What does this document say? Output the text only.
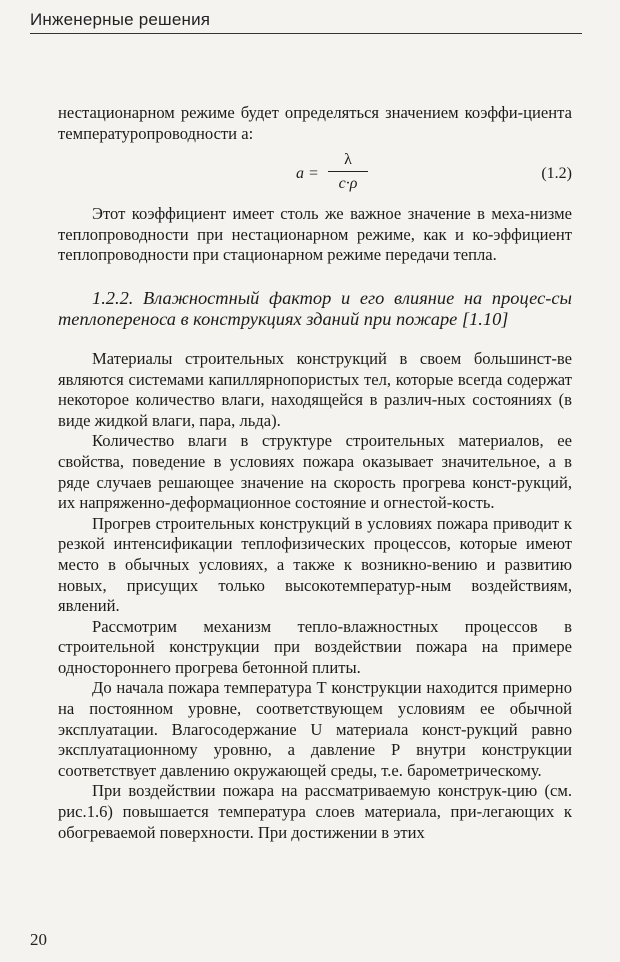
Инженерные решения

нестационарном режиме будет определяться значением коэффи-циента температуропроводности а:

a =
λ
c·ρ
(1.2)

Этот коэффициент имеет столь же важное значение в меха-низме теплопроводности при нестационарном режиме, как и ко-эффициент теплопроводности при стационарном режиме передачи тепла.

1.2.2. Влажностный фактор и его влияние на процес-сы теплопереноса в конструкциях зданий при пожаре [1.10]

Материалы строительных конструкций в своем большинст-ве являются системами капиллярнопористых тел, которые всегда содержат некоторое количество влаги, находящейся в различ-ных состояниях (в виде жидкой влаги, пара, льда).

Количество влаги в структуре строительных материалов, ее свойства, поведение в условиях пожара оказывает значительное, а в ряде случаев решающее значение на скорость прогрева конст-рукций, их напряженно-деформационное состояние и огнестой-кость.

Прогрев строительных конструкций в условиях пожара приводит к резкой интенсификации теплофизических процессов, которые имеют место в обычных условиях, а также к возникно-вению и развитию новых, присущих только высокотемператур-ным воздействиям, явлений.

Рассмотрим механизм тепло-влажностных процессов в строительной конструкции при воздействии пожара на примере одностороннего прогрева бетонной плиты.

До начала пожара температура Т конструкции находится примерно на постоянном уровне, соответствующем условиям ее обычной эксплуатации. Влагосодержание U материала конст-рукций равно эксплуатационному уровню, а давление Р внутри конструкции соответствует давлению окружающей среды, т.е. барометрическому.

При воздействии пожара на рассматриваемую конструк-цию (см. рис.1.6) повышается температура слоев материала, при-легающих к обогреваемой поверхности. При достижении в этих

20
